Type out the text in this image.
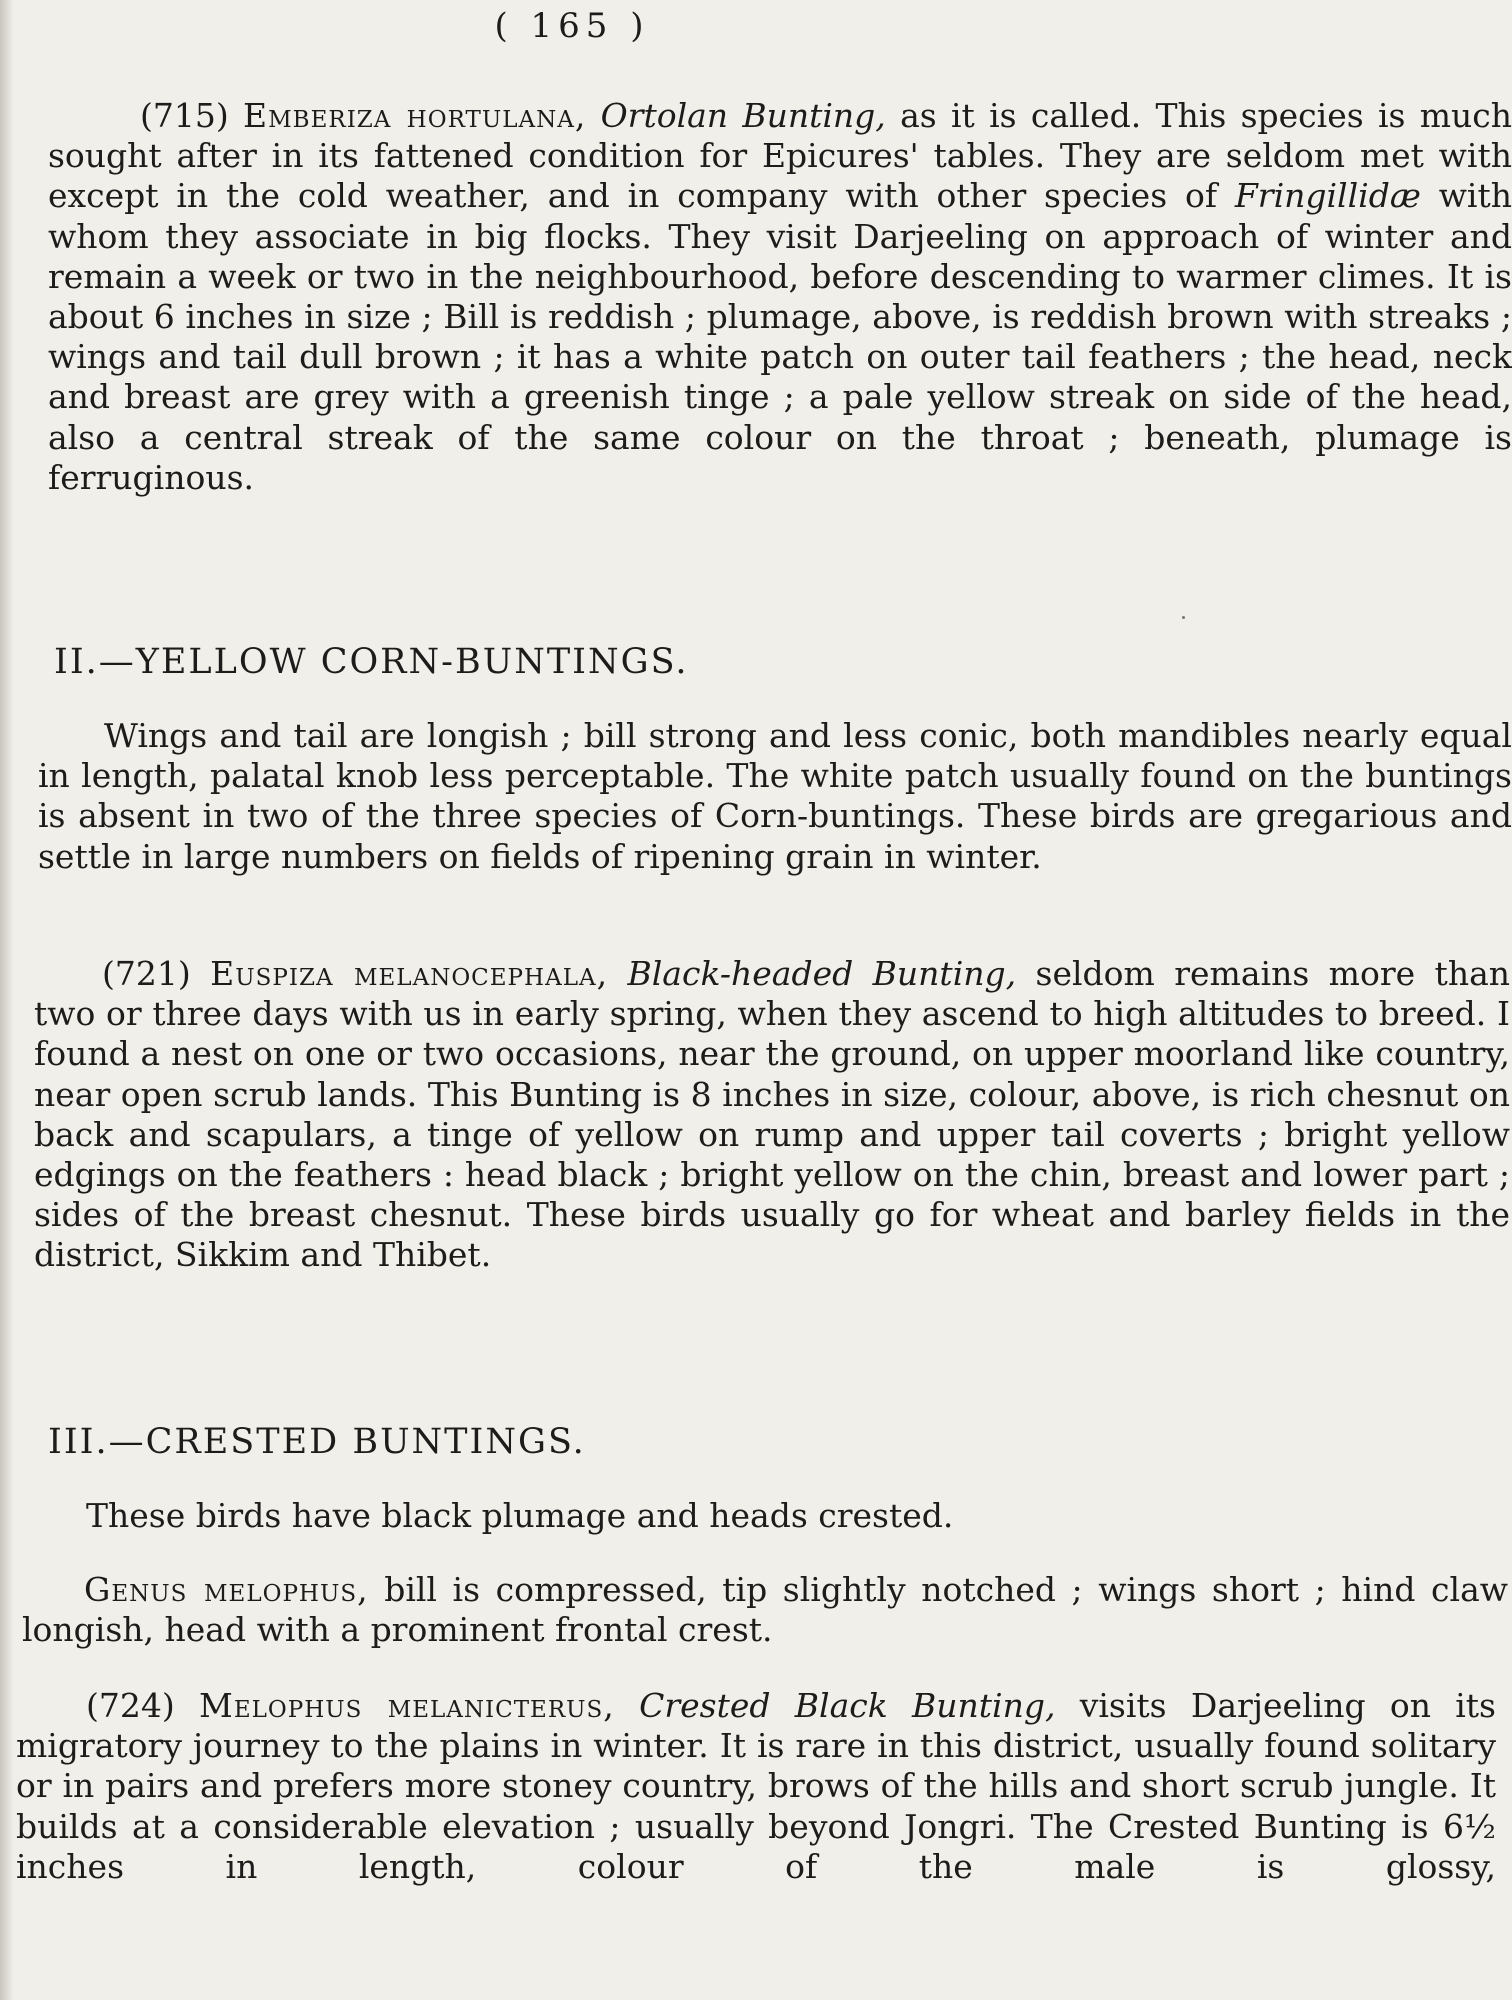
( 165 )

(715) Emberiza hortulana, Ortolan Bunting, as it is called. This species is much sought after in its fattened condition for Epicures' tables. They are seldom met with except in the cold weather, and in company with other species of Fringillidæ with whom they associate in big flocks. They visit Darjeeling on approach of winter and remain a week or two in the neighbourhood, before descending to warmer climes. It is about 6 inches in size ; Bill is reddish ; plumage, above, is reddish brown with streaks ; wings and tail dull brown ; it has a white patch on outer tail feathers ; the head, neck and breast are grey with a greenish tinge ; a pale yellow streak on side of the head, also a central streak of the same colour on the throat ; beneath, plumage is ferruginous.

II.—YELLOW CORN-BUNTINGS.

Wings and tail are longish ; bill strong and less conic, both mandibles nearly equal in length, palatal knob less perceptable. The white patch usually found on the buntings is absent in two of the three species of Corn-buntings. These birds are gregarious and settle in large numbers on fields of ripening grain in winter.

(721) Euspiza melanocephala, Black-headed Bunting, seldom remains more than two or three days with us in early spring, when they ascend to high altitudes to breed. I found a nest on one or two occasions, near the ground, on upper moorland like country, near open scrub lands. This Bunting is 8 inches in size, colour, above, is rich chesnut on back and scapulars, a tinge of yellow on rump and upper tail coverts ; bright yellow edgings on the feathers : head black ; bright yellow on the chin, breast and lower part ; sides of the breast chesnut. These birds usually go for wheat and barley fields in the district, Sikkim and Thibet.

III.—CRESTED BUNTINGS.

These birds have black plumage and heads crested.

Genus melophus, bill is compressed, tip slightly notched ; wings short ; hind claw longish, head with a prominent frontal crest.

(724) Melophus melanicterus, Crested Black Bunting, visits Darjeeling on its migratory journey to the plains in winter. It is rare in this district, usually found solitary or in pairs and prefers more stoney country, brows of the hills and short scrub jungle. It builds at a considerable elevation ; usually beyond Jongri. The Crested Bunting is 6½ inches in length, colour of the male is glossy,
